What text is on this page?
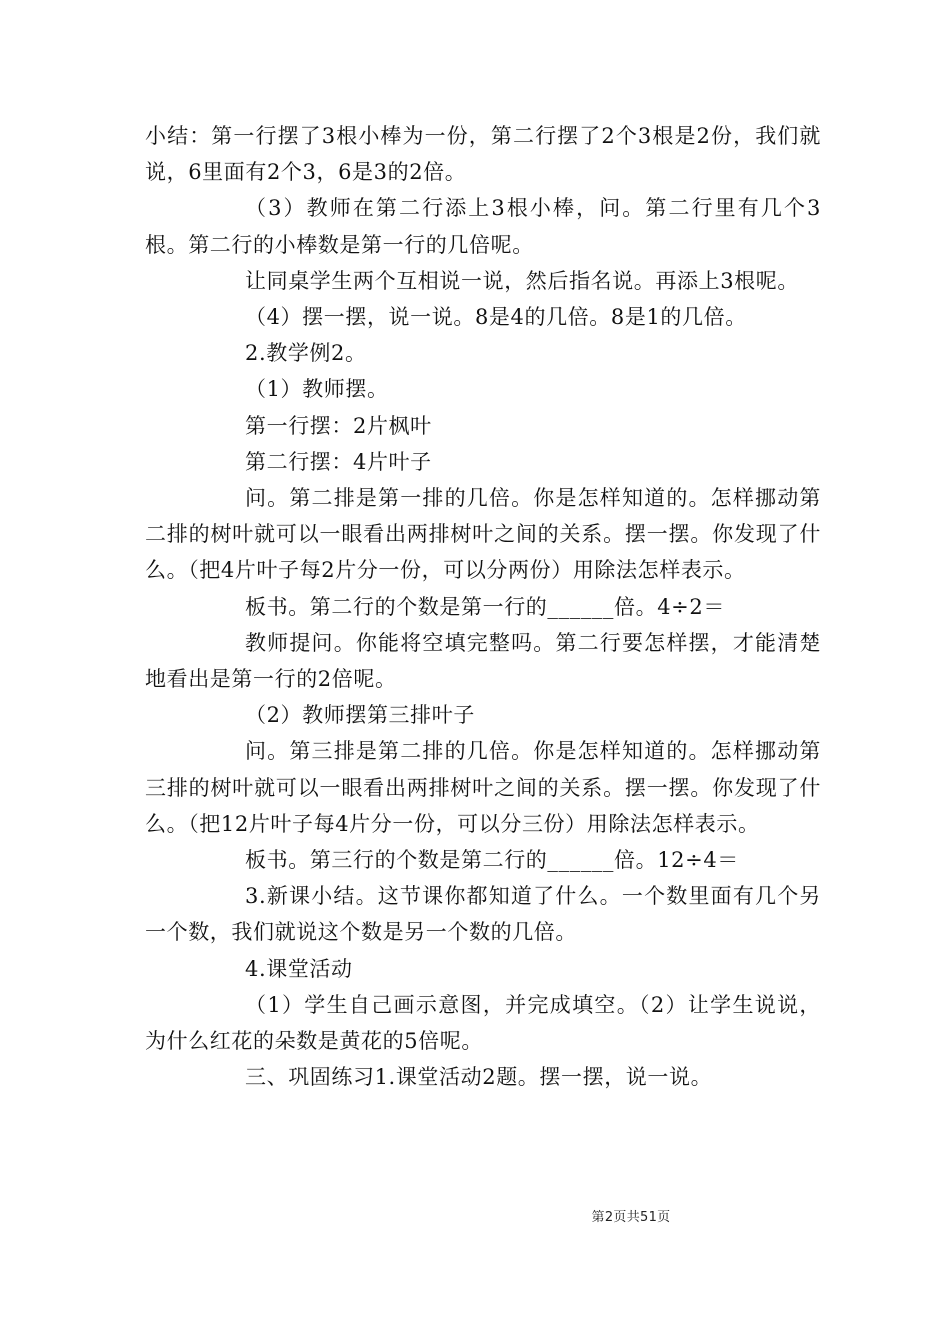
小结：第一行摆了3根小棒为一份，第二行摆了2个3根是2份，我们就说，6里面有2个3，6是3的2倍。

（3）教师在第二行添上3根小棒，问。第二行里有几个3根。第二行的小棒数是第一行的几倍呢。

让同桌学生两个互相说一说，然后指名说。再添上3根呢。

（4）摆一摆，说一说。8是4的几倍。8是1的几倍。

2.教学例2。

（1）教师摆。

第一行摆：2片枫叶

第二行摆：4片叶子

问。第二排是第一排的几倍。你是怎样知道的。怎样挪动第二排的树叶就可以一眼看出两排树叶之间的关系。摆一摆。你发现了什么。（把4片叶子每2片分一份，可以分两份）用除法怎样表示。

板书。第二行的个数是第一行的______倍。4÷2＝

教师提问。你能将空填完整吗。第二行要怎样摆，才能清楚地看出是第一行的2倍呢。

（2）教师摆第三排叶子

问。第三排是第二排的几倍。你是怎样知道的。怎样挪动第三排的树叶就可以一眼看出两排树叶之间的关系。摆一摆。你发现了什么。（把12片叶子每4片分一份，可以分三份）用除法怎样表示。

板书。第三行的个数是第二行的______倍。12÷4＝

3.新课小结。这节课你都知道了什么。一个数里面有几个另一个数，我们就说这个数是另一个数的几倍。

4.课堂活动

（1）学生自己画示意图，并完成填空。（2）让学生说说，为什么红花的朵数是黄花的5倍呢。

三、巩固练习1.课堂活动2题。摆一摆，说一说。

第2页共51页
